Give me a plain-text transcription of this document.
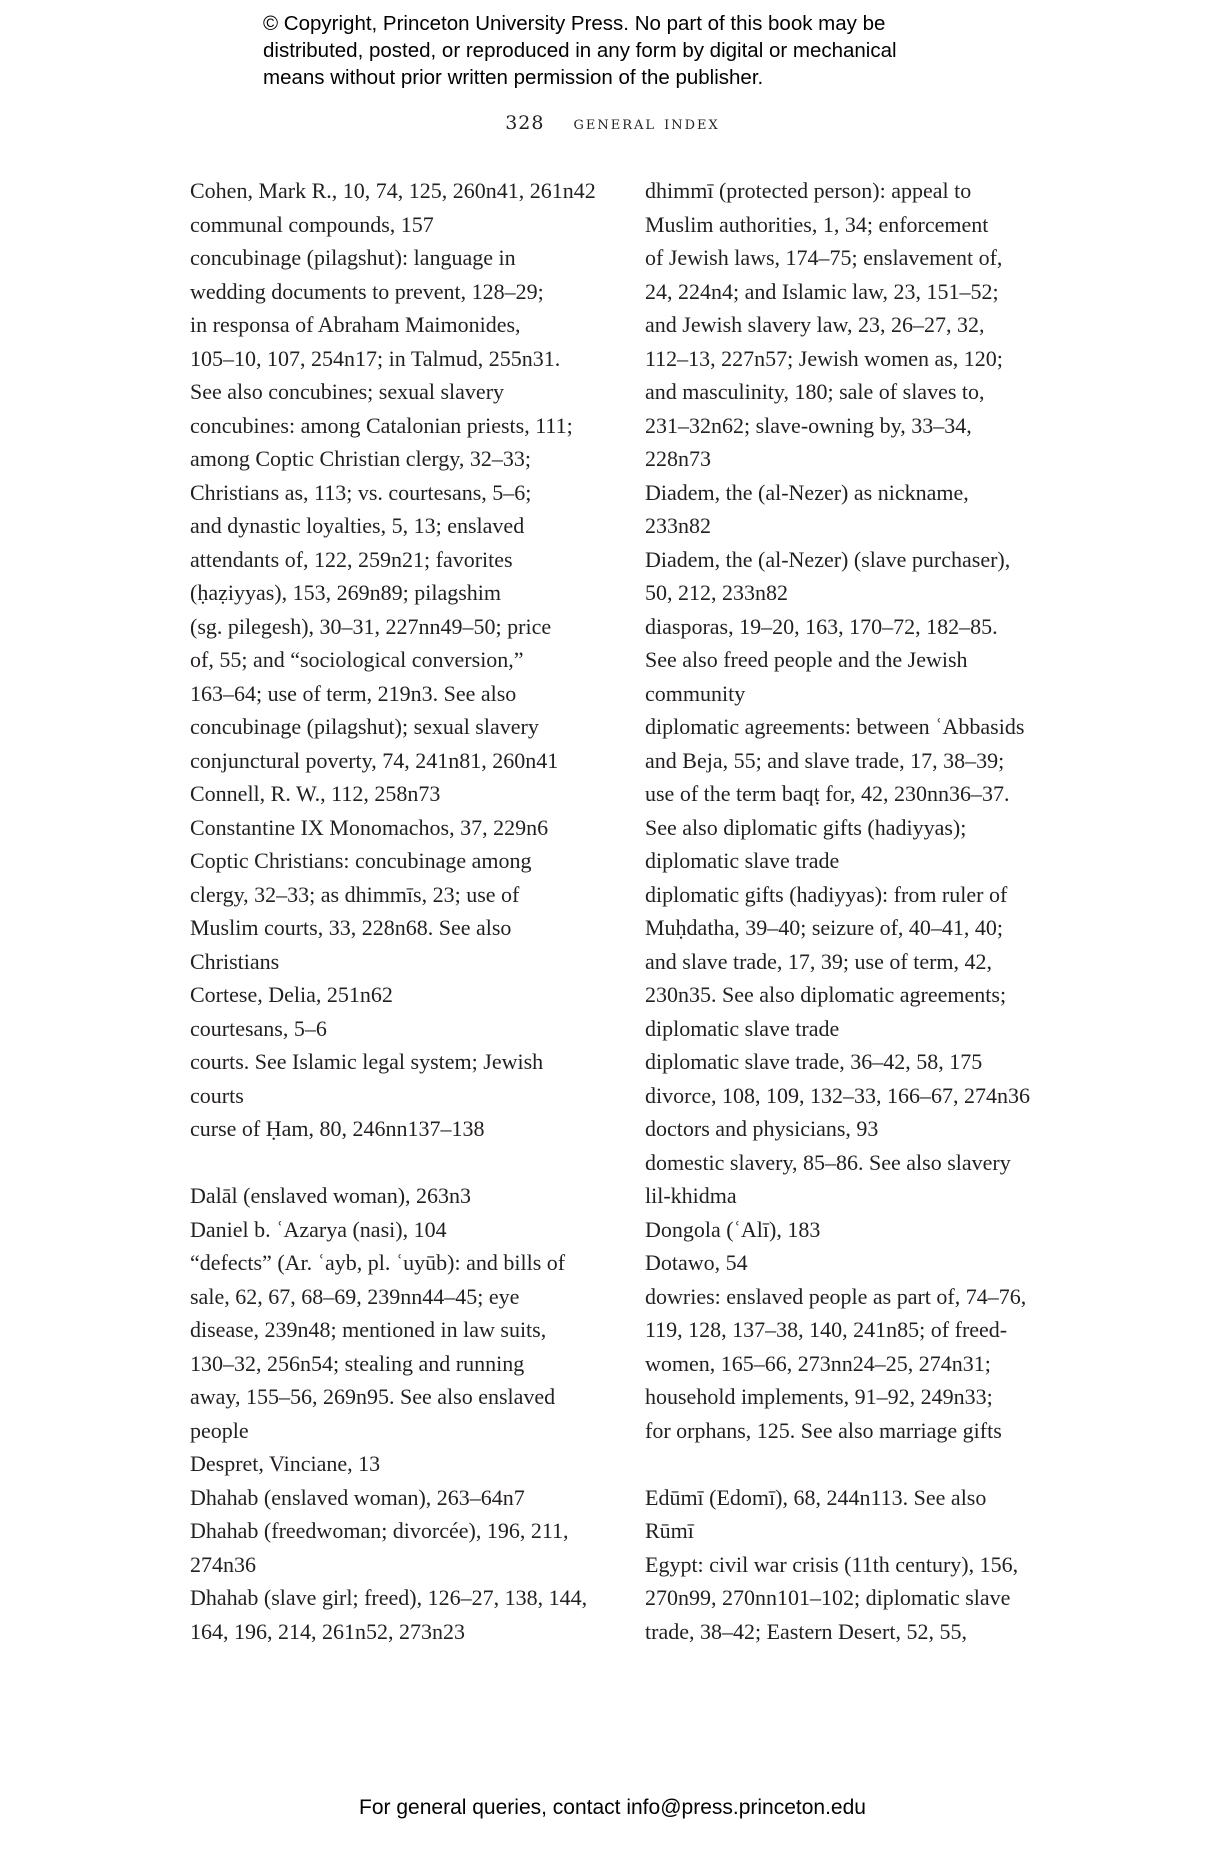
© Copyright, Princeton University Press. No part of this book may be
distributed, posted, or reproduced in any form by digital or mechanical
means without prior written permission of the publisher.
328 general index
Cohen, Mark R., 10, 74, 125, 260n41, 261n42
communal compounds, 157
concubinage (pilagshut): language in
wedding documents to prevent, 128–29;
in responsa of Abraham Maimonides,
105–10, 107, 254n17; in Talmud, 255n31.
See also concubines; sexual slavery
concubines: among Catalonian priests, 111;
among Coptic Christian clergy, 32–33;
Christians as, 113; vs. courtesans, 5–6;
and dynastic loyalties, 5, 13; enslaved
attendants of, 122, 259n21; favorites
(ḥaẓiyyas), 153, 269n89; pilagshim
(sg. pilegesh), 30–31, 227nn49–50; price
of, 55; and “sociological conversion,”
163–64; use of term, 219n3. See also
concubinage (pilagshut); sexual slavery
conjunctural poverty, 74, 241n81, 260n41
Connell, R. W., 112, 258n73
Constantine IX Monomachos, 37, 229n6
Coptic Christians: concubinage among
clergy, 32–33; as dhimmīs, 23; use of
Muslim courts, 33, 228n68. See also
Christians
Cortese, Delia, 251n62
courtesans, 5–6
courts. See Islamic legal system; Jewish
courts
curse of Ḥam, 80, 246nn137–138
Dalāl (enslaved woman), 263n3
Daniel b. ʿAzarya (nasi), 104
“defects” (Ar. ʿayb, pl. ʿuyūb): and bills of
sale, 62, 67, 68–69, 239nn44–45; eye
disease, 239n48; mentioned in law suits,
130–32, 256n54; stealing and running
away, 155–56, 269n95. See also enslaved
people
Despret, Vinciane, 13
Dhahab (enslaved woman), 263–64n7
Dhahab (freedwoman; divorcée), 196, 211,
274n36
Dhahab (slave girl; freed), 126–27, 138, 144,
164, 196, 214, 261n52, 273n23
dhimmī (protected person): appeal to
Muslim authorities, 1, 34; enforcement
of Jewish laws, 174–75; enslavement of,
24, 224n4; and Islamic law, 23, 151–52;
and Jewish slavery law, 23, 26–27, 32,
112–13, 227n57; Jewish women as, 120;
and masculinity, 180; sale of slaves to,
231–32n62; slave-owning by, 33–34,
228n73
Diadem, the (al-Nezer) as nickname,
233n82
Diadem, the (al-Nezer) (slave purchaser),
50, 212, 233n82
diasporas, 19–20, 163, 170–72, 182–85.
See also freed people and the Jewish
community
diplomatic agreements: between ʿAbbasids
and Beja, 55; and slave trade, 17, 38–39;
use of the term baqṭ for, 42, 230nn36–37.
See also diplomatic gifts (hadiyyas);
diplomatic slave trade
diplomatic gifts (hadiyyas): from ruler of
Muḥdatha, 39–40; seizure of, 40–41, 40;
and slave trade, 17, 39; use of term, 42,
230n35. See also diplomatic agreements;
diplomatic slave trade
diplomatic slave trade, 36–42, 58, 175
divorce, 108, 109, 132–33, 166–67, 274n36
doctors and physicians, 93
domestic slavery, 85–86. See also slavery
lil-khidma
Dongola (ʿAlī), 183
Dotawo, 54
dowries: enslaved people as part of, 74–76,
119, 128, 137–38, 140, 241n85; of freed-
women, 165–66, 273nn24–25, 274n31;
household implements, 91–92, 249n33;
for orphans, 125. See also marriage gifts
Edūmī (Edomī), 68, 244n113. See also
Rūmī
Egypt: civil war crisis (11th century), 156,
270n99, 270nn101–102; diplomatic slave
trade, 38–42; Eastern Desert, 52, 55,
For general queries, contact info@press.princeton.edu
